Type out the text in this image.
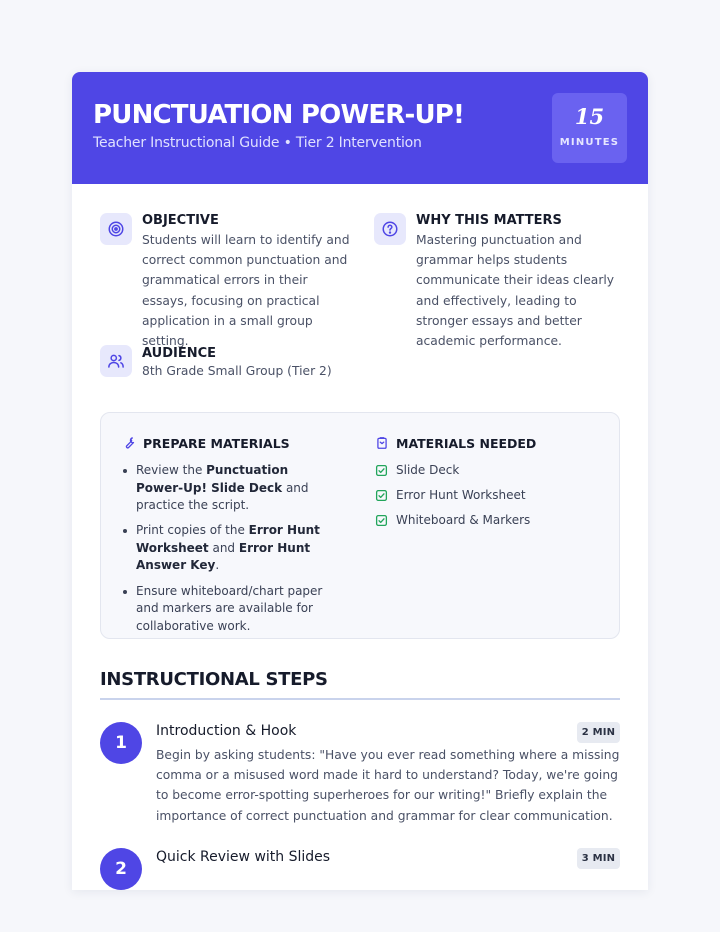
PUNCTUATION POWER-UP!
Teacher Instructional Guide • Tier 2 Intervention
15
MINUTES
OBJECTIVE
Students will learn to identify and correct common punctuation and grammatical errors in their essays, focusing on practical application in a small group setting.
WHY THIS MATTERS
Mastering punctuation and grammar helps students communicate their ideas clearly and effectively, leading to stronger essays and better academic performance.
AUDIENCE
8th Grade Small Group (Tier 2)
PREPARE MATERIALS
Review the Punctuation Power-Up! Slide Deck and practice the script.
Print copies of the Error Hunt Worksheet and Error Hunt Answer Key.
Ensure whiteboard/chart paper and markers are available for collaborative work.
MATERIALS NEEDED
Slide Deck
Error Hunt Worksheet
Whiteboard & Markers
INSTRUCTIONAL STEPS
1
Introduction & Hook	2 MIN
Begin by asking students: "Have you ever read something where a missing comma or a misused word made it hard to understand? Today, we're going to become error-spotting superheroes for our writing!" Briefly explain the importance of correct punctuation and grammar for clear communication.
2
Quick Review with Slides	3 MIN
